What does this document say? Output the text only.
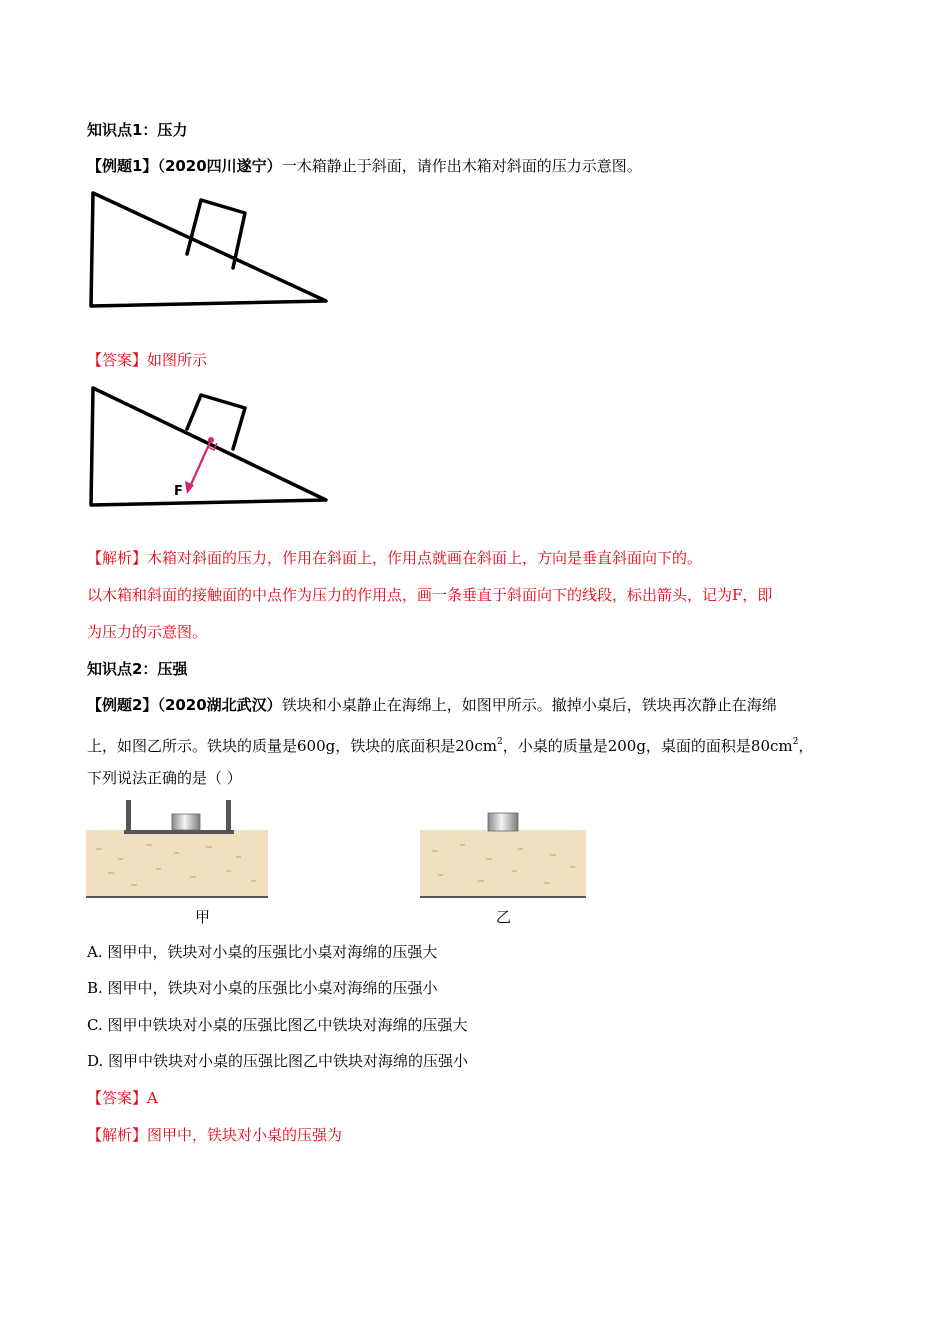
知识点1：压力
【例题1】（2020四川遂宁）一木箱静止于斜面，请作出木箱对斜面的压力示意图。
【答案】如图所示
F
【解析】木箱对斜面的压力，作用在斜面上，作用点就画在斜面上，方向是垂直斜面向下的。
以木箱和斜面的接触面的中点作为压力的作用点，画一条垂直于斜面向下的线段，标出箭头，记为F，即
为压力的示意图。
知识点2：压强
【例题2】（2020湖北武汉）铁块和小桌静止在海绵上，如图甲所示。撤掉小桌后，铁块再次静止在海绵
上，如图乙所示。铁块的质量是600g，铁块的底面积是$20cm^2$，小桌的质量是200g，桌面的面积是$80cm^2$，
下列说法正确的是（ ）
甲	乙
A. 图甲中，铁块对小桌的压强比小桌对海绵的压强大
B. 图甲中，铁块对小桌的压强比小桌对海绵的压强小
C. 图甲中铁块对小桌的压强比图乙中铁块对海绵的压强大
D. 图甲中铁块对小桌的压强比图乙中铁块对海绵的压强小
【答案】A
【解析】图甲中，铁块对小桌的压强为
